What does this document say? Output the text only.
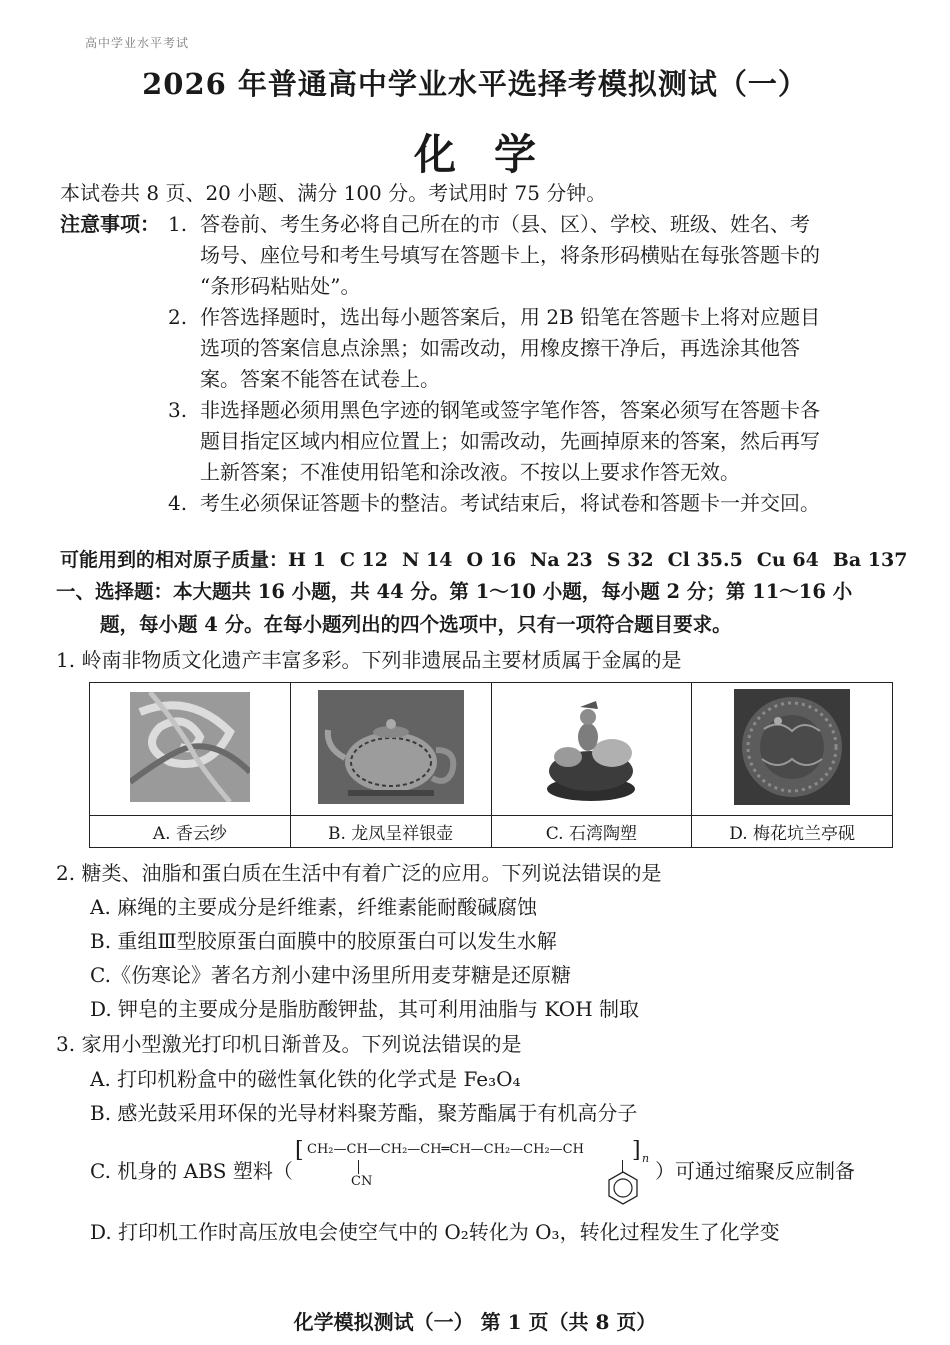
高中学业水平考试
2026 年普通高中学业水平选择考模拟测试（一）
化学
本试卷共 8 页、20 小题、满分 100 分。考试用时 75 分钟。
注意事项： 1. 答卷前、考生务必将自己所在的市（县、区）、学校、班级、姓名、考
场号、座位号和考生号填写在答题卡上，将条形码横贴在每张答题卡的
“条形码粘贴处”。
2. 作答选择题时，选出每小题答案后，用 2B 铅笔在答题卡上将对应题目
选项的答案信息点涂黑；如需改动，用橡皮擦干净后，再选涂其他答
案。答案不能答在试卷上。
3. 非选择题必须用黑色字迹的钢笔或签字笔作答，答案必须写在答题卡各
题目指定区域内相应位置上；如需改动，先画掉原来的答案，然后再写
上新答案；不准使用铅笔和涂改液。不按以上要求作答无效。
4. 考生必须保证答题卡的整洁。考试结束后，将试卷和答题卡一并交回。
可能用到的相对原子质量：H 1 C 12 N 14 O 16 Na 23 S 32 Cl 35.5 Cu 64 Ba 137
一、选择题：本大题共 16 小题，共 44 分。第 1～10 小题，每小题 2 分；第 11～16 小
题，每小题 4 分。在每小题列出的四个选项中，只有一项符合题目要求。
1. 岭南非物质文化遗产丰富多彩。下列非遗展品主要材质属于金属的是

A. 香云纱	B. 龙凤呈祥银壶	C. 石湾陶塑	D. 梅花坑兰亭砚
2. 糖类、油脂和蛋白质在生活中有着广泛的应用。下列说法错误的是
A. 麻绳的主要成分是纤维素，纤维素能耐酸碱腐蚀
B. 重组Ⅲ型胶原蛋白面膜中的胶原蛋白可以发生水解
C.《伤寒论》著名方剂小建中汤里所用麦芽糖是还原糖
D. 钾皂的主要成分是脂肪酸钾盐，其可利用油脂与 KOH 制取
3. 家用小型激光打印机日渐普及。下列说法错误的是
A. 打印机粉盒中的磁性氧化铁的化学式是 Fe₃O₄
B. 感光鼓采用环保的光导材料聚芳酯，聚芳酯属于有机高分子
C. 机身的 ABS 塑料（
[ CH₂—CH—CH₂—CH═CH—CH₂—CH₂—CH ] n
CN	）可通过缩聚反应制备
D. 打印机工作时高压放电会使空气中的 O₂转化为 O₃，转化过程发生了化学变
化学模拟测试（一） 第 1 页（共 8 页）
